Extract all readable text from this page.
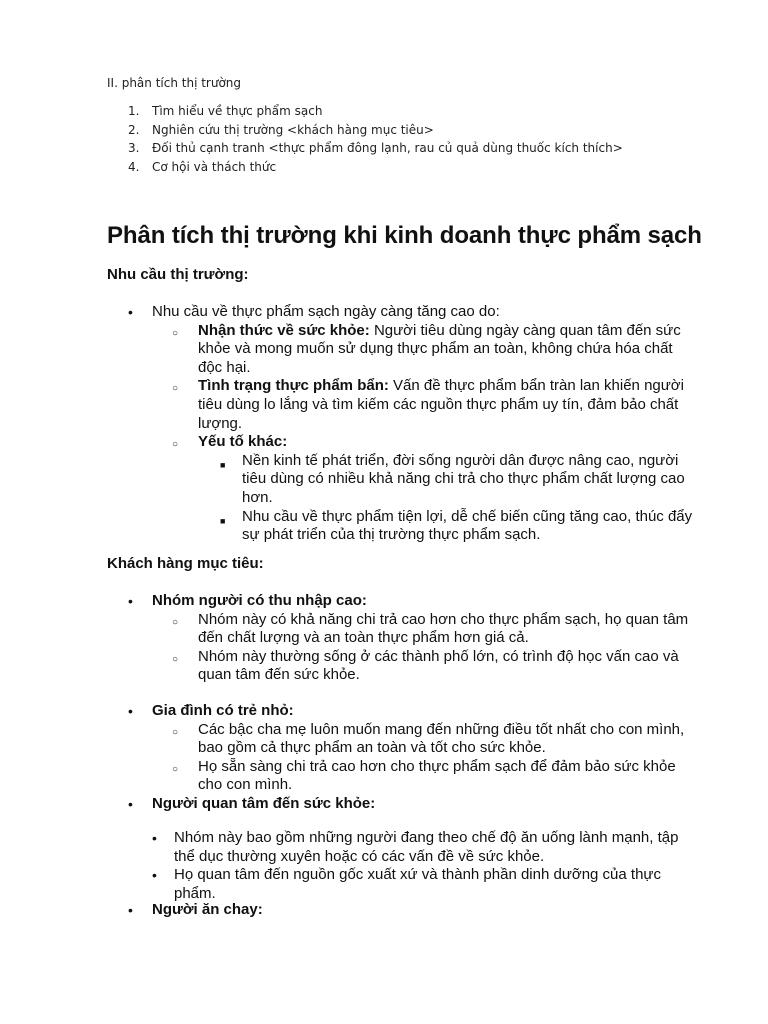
II. phân tích thị trường
1. Tìm hiểu về thực phẩm sạch
2. Nghiên cứu thị trường <khách hàng mục tiêu>
3. Đối thủ cạnh tranh <thực phẩm đông lạnh, rau củ quả dùng thuốc kích thích>
4. Cơ hội và thách thức
Phân tích thị trường khi kinh doanh thực phẩm sạch
Nhu cầu thị trường:
• Nhu cầu về thực phẩm sạch ngày càng tăng cao do:
○ Nhận thức về sức khỏe: Người tiêu dùng ngày càng quan tâm đến sức
khỏe và mong muốn sử dụng thực phẩm an toàn, không chứa hóa chất
độc hại.
○ Tình trạng thực phẩm bẩn: Vấn đề thực phẩm bẩn tràn lan khiến người
tiêu dùng lo lắng và tìm kiếm các nguồn thực phẩm uy tín, đảm bảo chất
lượng.
○ Yếu tố khác:
■ Nền kinh tế phát triển, đời sống người dân được nâng cao, người
tiêu dùng có nhiều khả năng chi trả cho thực phẩm chất lượng cao
hơn.
■ Nhu cầu về thực phẩm tiện lợi, dễ chế biến cũng tăng cao, thúc đẩy
sự phát triển của thị trường thực phẩm sạch.
Khách hàng mục tiêu:
• Nhóm người có thu nhập cao:
○ Nhóm này có khả năng chi trả cao hơn cho thực phẩm sạch, họ quan tâm
đến chất lượng và an toàn thực phẩm hơn giá cả.
○ Nhóm này thường sống ở các thành phố lớn, có trình độ học vấn cao và
quan tâm đến sức khỏe.
• Gia đình có trẻ nhỏ:
○ Các bậc cha mẹ luôn muốn mang đến những điều tốt nhất cho con mình,
bao gồm cả thực phẩm an toàn và tốt cho sức khỏe.
○ Họ sẵn sàng chi trả cao hơn cho thực phẩm sạch để đảm bảo sức khỏe
cho con mình.
• Người quan tâm đến sức khỏe:
• Nhóm này bao gồm những người đang theo chế độ ăn uống lành mạnh, tập
thể dục thường xuyên hoặc có các vấn đề về sức khỏe.
• Họ quan tâm đến nguồn gốc xuất xứ và thành phần dinh dưỡng của thực
phẩm.
• Người ăn chay:
